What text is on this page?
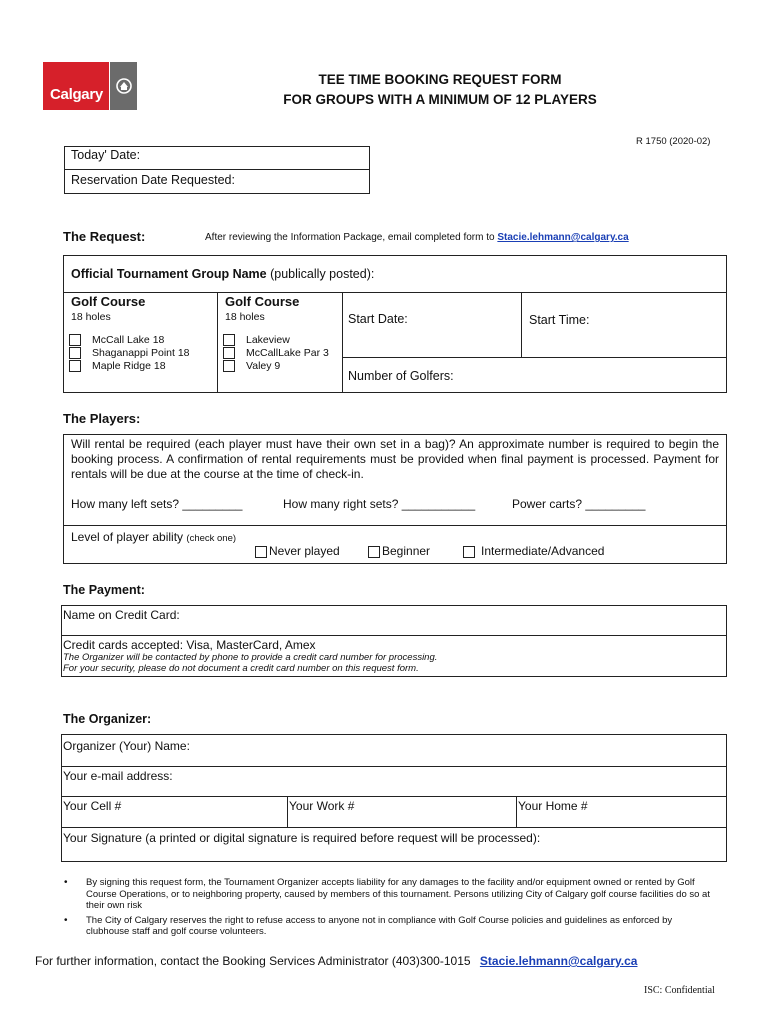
Calgary
TEE TIME BOOKING REQUEST FORM
FOR GROUPS WITH A MINIMUM OF 12 PLAYERS
R 1750 (2020-02)
Today' Date:
Reservation Date Requested:
The Request:	After reviewing the Information Package, email completed form to Stacie.lehmann@calgary.ca
Official Tournament Group Name (publically posted):
Golf Course
18 holes
McCall Lake 18
Shaganappi Point 18
Maple Ridge 18
Golf Course
18 holes
Lakeview
McCallLake Par 3
Valey 9
Start Date:	Start Time:
Number of Golfers:
The Players:
Will rental be required (each player must have their own set in a bag)? An approximate number is required to begin the booking process. A confirmation of rental requirements must be provided when final payment is processed. Payment for rentals will be due at the course at the time of check-in.
How many left sets? _________	How many right sets? ___________	Power carts? _________
Level of player ability (check one)
Never played	Beginner	Intermediate/Advanced
The Payment:
Name on Credit Card:
Credit cards accepted: Visa, MasterCard, Amex
The Organizer will be contacted by phone to provide a credit card number for processing.
For your security, please do not document a credit card number on this request form.
The Organizer:
Organizer (Your) Name:
Your e-mail address:
Your Cell #	Your Work #	Your Home #
Your Signature (a printed or digital signature is required before request will be processed):
• By signing this request form, the Tournament Organizer accepts liability for any damages to the facility and/or equipment owned or rented by Golf Course Operations, or to neighboring property, caused by members of this tournament. Persons utilizing City of Calgary golf course facilities do so at their own risk
• The City of Calgary reserves the right to refuse access to anyone not in compliance with Golf Course policies and guidelines as enforced by clubhouse staff and golf course volunteers.
For further information, contact the Booking Services Administrator (403)300-1015 Stacie.lehmann@calgary.ca
ISC: Confidential
